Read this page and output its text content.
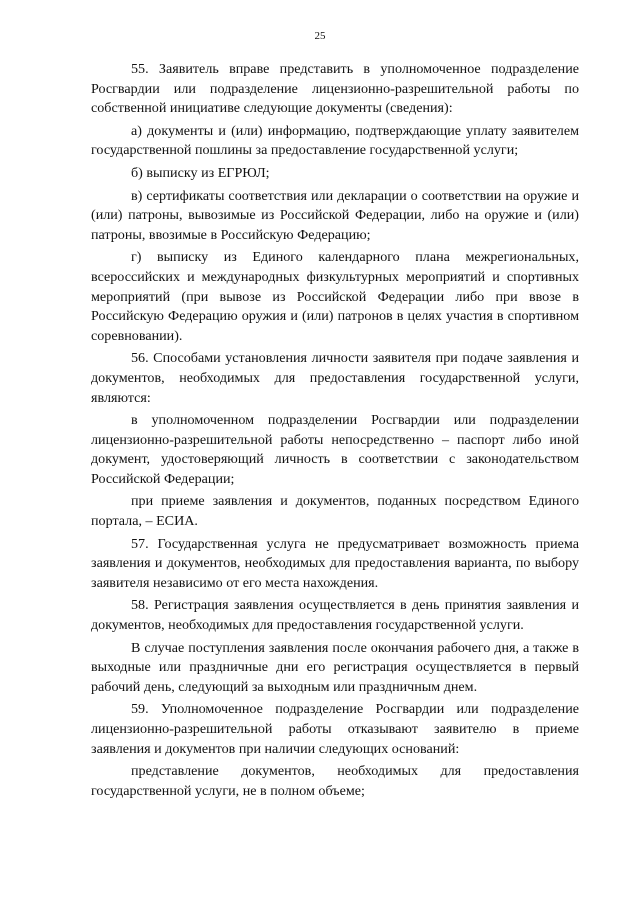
25

55. Заявитель вправе представить в уполномоченное подразделение Росгвардии или подразделение лицензионно-разрешительной работы по собственной инициативе следующие документы (сведения):

а) документы и (или) информацию, подтверждающие уплату заявителем государственной пошлины за предоставление государственной услуги;

б) выписку из ЕГРЮЛ;

в) сертификаты соответствия или декларации о соответствии на оружие и (или) патроны, вывозимые из Российской Федерации, либо на оружие и (или) патроны, ввозимые в Российскую Федерацию;

г) выписку из Единого календарного плана межрегиональных, всероссийских и международных физкультурных мероприятий и спортивных мероприятий (при вывозе из Российской Федерации либо при ввозе в Российскую Федерацию оружия и (или) патронов в целях участия в спортивном соревновании).

56. Способами установления личности заявителя при подаче заявления и документов, необходимых для предоставления государственной услуги, являются:

в уполномоченном подразделении Росгвардии или подразделении лицензионно-разрешительной работы непосредственно – паспорт либо иной документ, удостоверяющий личность в соответствии с законодательством Российской Федерации;

при приеме заявления и документов, поданных посредством Единого портала, – ЕСИА.

57. Государственная услуга не предусматривает возможность приема заявления и документов, необходимых для предоставления варианта, по выбору заявителя независимо от его места нахождения.

58. Регистрация заявления осуществляется в день принятия заявления и документов, необходимых для предоставления государственной услуги.

В случае поступления заявления после окончания рабочего дня, а также в выходные или праздничные дни его регистрация осуществляется в первый рабочий день, следующий за выходным или праздничным днем.

59. Уполномоченное подразделение Росгвардии или подразделение лицензионно-разрешительной работы отказывают заявителю в приеме заявления и документов при наличии следующих оснований:

представление документов, необходимых для предоставления государственной услуги, не в полном объеме;
